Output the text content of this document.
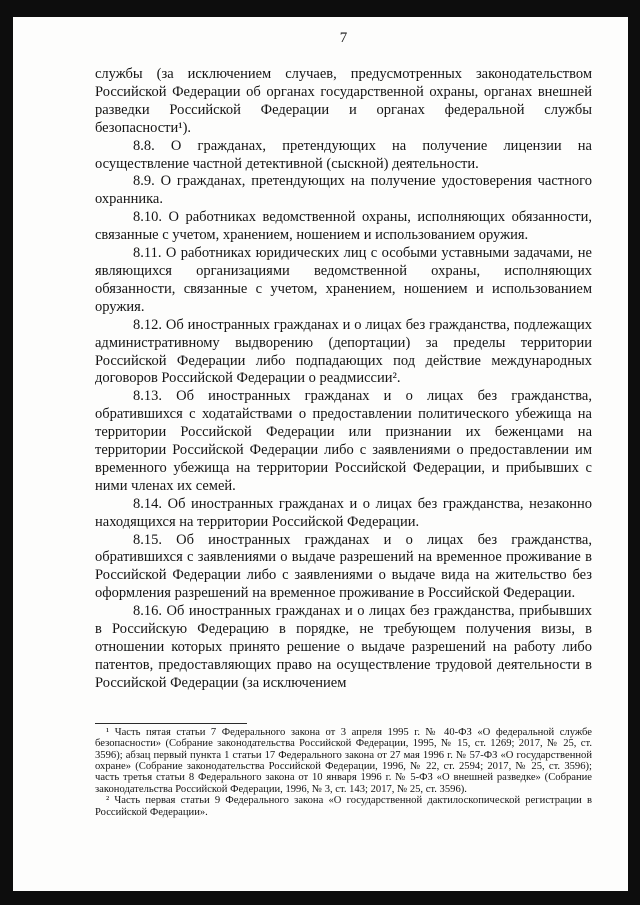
7

службы (за исключением случаев, предусмотренных законодательством Российской Федерации об органах государственной охраны, органах внешней разведки Российской Федерации и органах федеральной службы безопасности¹).

8.8. О гражданах, претендующих на получение лицензии на осуществление частной детективной (сыскной) деятельности.

8.9. О гражданах, претендующих на получение удостоверения частного охранника.

8.10. О работниках ведомственной охраны, исполняющих обязанности, связанные с учетом, хранением, ношением и использованием оружия.

8.11. О работниках юридических лиц с особыми уставными задачами, не являющихся организациями ведомственной охраны, исполняющих обязанности, связанные с учетом, хранением, ношением и использованием оружия.

8.12. Об иностранных гражданах и о лицах без гражданства, подлежащих административному выдворению (депортации) за пределы территории Российской Федерации либо подпадающих под действие международных договоров Российской Федерации о реадмиссии².

8.13. Об иностранных гражданах и о лицах без гражданства, обратившихся с ходатайствами о предоставлении политического убежища на территории Российской Федерации или признании их беженцами на территории Российской Федерации либо с заявлениями о предоставлении им временного убежища на территории Российской Федерации, и прибывших с ними членах их семей.

8.14. Об иностранных гражданах и о лицах без гражданства, незаконно находящихся на территории Российской Федерации.

8.15. Об иностранных гражданах и о лицах без гражданства, обратившихся с заявлениями о выдаче разрешений на временное проживание в Российской Федерации либо с заявлениями о выдаче вида на жительство без оформления разрешений на временное проживание в Российской Федерации.

8.16. Об иностранных гражданах и о лицах без гражданства, прибывших в Российскую Федерацию в порядке, не требующем получения визы, в отношении которых принято решение о выдаче разрешений на работу либо патентов, предоставляющих право на осуществление трудовой деятельности в Российской Федерации (за исключением

¹ Часть пятая статьи 7 Федерального закона от 3 апреля 1995 г. № 40-ФЗ «О федеральной службе безопасности» (Собрание законодательства Российской Федерации, 1995, № 15, ст. 1269; 2017, № 25, ст. 3596); абзац первый пункта 1 статьи 17 Федерального закона от 27 мая 1996 г. № 57-ФЗ «О государственной охране» (Собрание законодательства Российской Федерации, 1996, № 22, ст. 2594; 2017, № 25, ст. 3596); часть третья статьи 8 Федерального закона от 10 января 1996 г. № 5-ФЗ «О внешней разведке» (Собрание законодательства Российской Федерации, 1996, № 3, ст. 143; 2017, № 25, ст. 3596).

² Часть первая статьи 9 Федерального закона «О государственной дактилоскопической регистрации в Российской Федерации».
